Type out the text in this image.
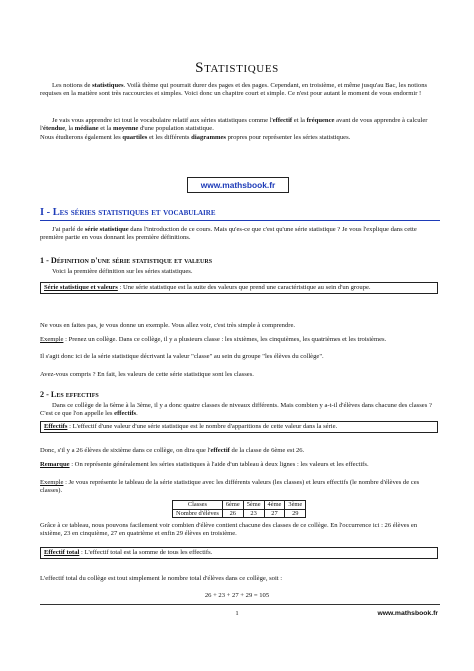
Statistiques
Les notions de statistiques. Voilà thème qui pourrait durer des pages et des pages. Cependant, en troisième, et même jusqu'au Bac, les notions requises en la matière sont très raccourcies et simples. Voici donc un chapitre court et simple. Ce n'est pour autant le moment de vous endormir !
Je vais vous apprendre ici tout le vocabulaire relatif aux séries statistiques comme l'effectif et la fréquence avant de vous apprendre à calculer l'étendue, la médiane et la moyenne d'une population statistique.
Nous étudierons également les quartiles et les différents diagrammes propres pour représenter les séries statistiques.
www.mathsbook.fr
I - Les séries statistiques et vocabulaire
J'ai parlé de série statistique dans l'introduction de ce cours. Mais qu'es-ce que c'est qu'une série statistique ? Je vous l'explique dans cette première partie en vous donnant les première définitions.
1 - Définition d'une série statistique et valeurs
Voici la première définition sur les séries statistiques.
Série statistique et valeurs : Une série statistique est la suite des valeurs que prend une caractéristique au sein d'un groupe.
Ne vous en faites pas, je vous donne un exemple. Vous allez voir, c'est très simple à comprendre.
Exemple : Prenez un collège. Dans ce collège, il y a plusieurs classe : les sixièmes, les cinquièmes, les quatrièmes et les troisièmes.
Il s'agit donc ici de la série statistique décrivant la valeur "classe" au sein du groupe "les élèves du collège".
Avez-vous compris ? En fait, les valeurs de cette série statistique sont les classes.
2 - Les effectifs
Dans ce collège de la 6ème à la 3ème, il y a donc quatre classes de niveaux différents. Mais combien y a-t-il d'élèves dans chacune des classes ? C'est ce que l'on appelle les effectifs.
Effectifs : L'effectif d'une valeur d'une série statistique est le nombre d'apparitions de cette valeur dans la série.
Donc, s'il y a 26 élèves de sixième dans ce collège, on dira que l'effectif de la classe de 6ème est 26.
Remarque : On représente généralement les séries statistiques à l'aide d'un tableau à deux lignes : les valeurs et les effectifs.
Exemple : Je vous représente le tableau de la série statistique avec les différents valeurs (les classes) et leurs effectifs (le nombre d'élèves de ces classes).
Classes	6ème	5ème	4ème	3ème
Nombre d'élèves	26	23	27	29
Grâce à ce tableau, nous pouvons facilement voir combien d'élève contient chacune des classes de ce collège. En l'occurrence ici : 26 élèves en sixième, 23 en cinquième, 27 en quatrième et enfin 29 élèves en troisième.
Effectif total : L'effectif total est la somme de tous les effectifs.
L'effectif total du collège est tout simplement le nombre total d'élèves dans ce collège, soit :
26 + 23 + 27 + 29 = 105
1	www.mathsbook.fr
